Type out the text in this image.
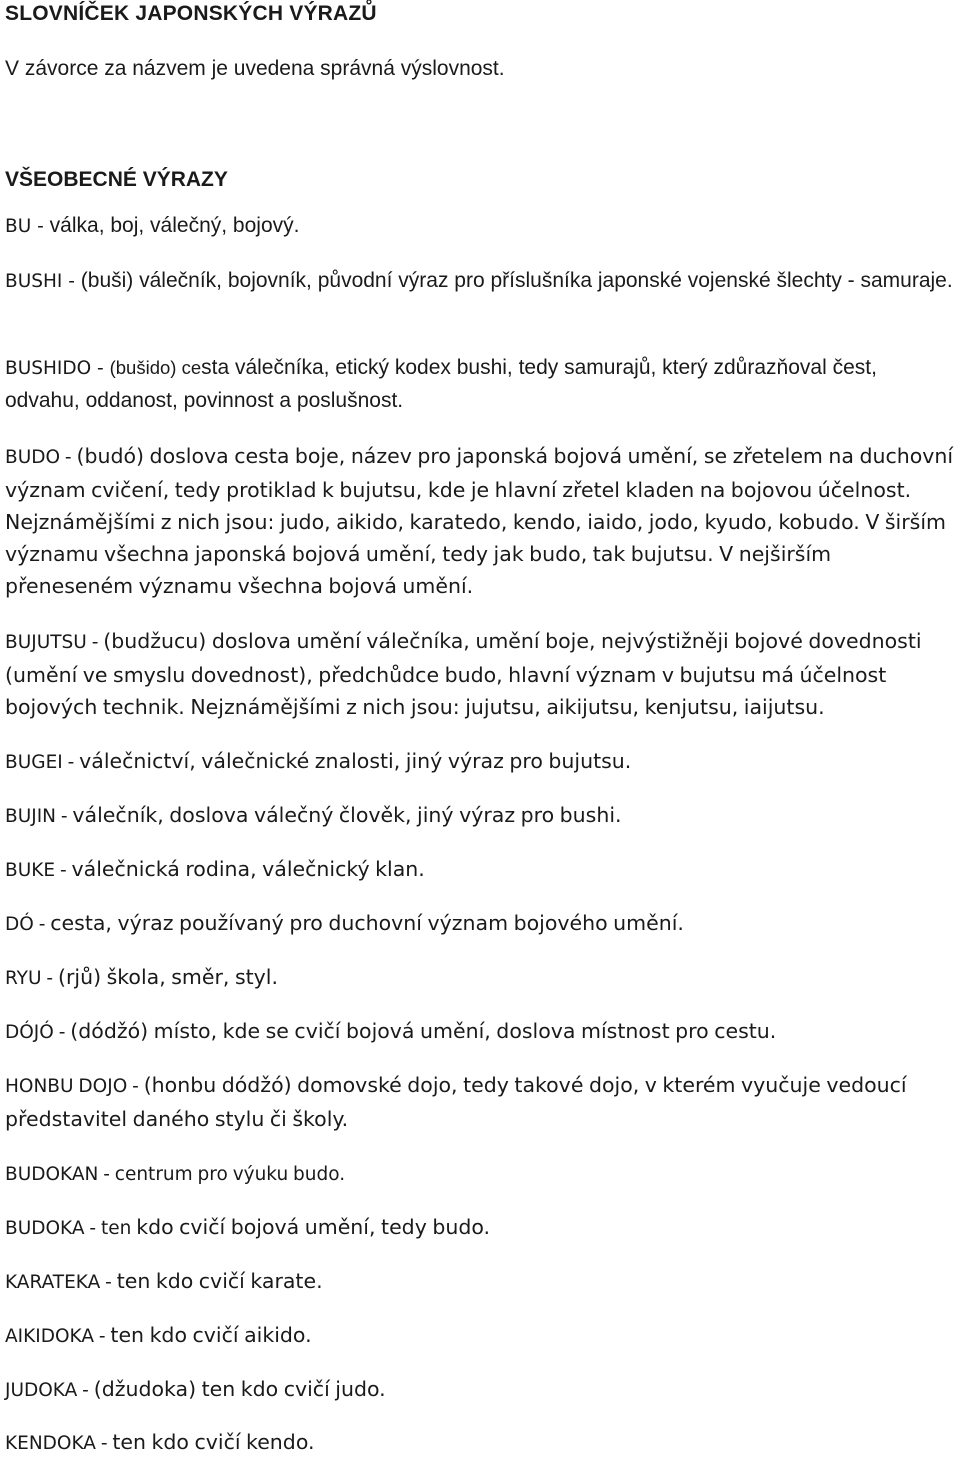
SLOVNÍČEK JAPONSKÝCH VÝRAZŮ
V závorce za názvem je uvedena správná výslovnost.
VŠEOBECNÉ VÝRAZY
BU - válka, boj, válečný, bojový.
BUSHI - (buši) válečník, bojovník, původní výraz pro příslušníka japonské vojenské šlechty - samuraje.
BUSHIDO - (bušido) cesta válečníka, etický kodex bushi, tedy samurajů, který zdůrazňoval čest, odvahu, oddanost, povinnost a poslušnost.
BUDO - (budó) doslova cesta boje, název pro japonská bojová umění, se zřetelem na duchovní význam cvičení, tedy protiklad k bujutsu, kde je hlavní zřetel kladen na bojovou účelnost. Nejznámějšími z nich jsou: judo, aikido, karatedo, kendo, iaido, jodo, kyudo, kobudo. V širším významu všechna japonská bojová umění, tedy jak budo, tak bujutsu. V nejširším přeneseném významu všechna bojová umění.
BUJUTSU - (budžucu) doslova umění válečníka, umění boje, nejvýstižněji bojové dovednosti (umění ve smyslu dovednost), předchůdce budo, hlavní význam v bujutsu má účelnost bojových technik. Nejznámějšími z nich jsou: jujutsu, aikijutsu, kenjutsu, iaijutsu.
BUGEI - válečnictví, válečnické znalosti, jiný výraz pro bujutsu.
BUJIN - válečník, doslova válečný člověk, jiný výraz pro bushi.
BUKE - válečnická rodina, válečnický klan.
DÓ - cesta, výraz používaný pro duchovní význam bojového umění.
RYU - (rjů) škola, směr, styl.
DÓJÓ - (dódžó) místo, kde se cvičí bojová umění, doslova místnost pro cestu.
HONBU DOJO - (honbu dódžó) domovské dojo, tedy takové dojo, v kterém vyučuje vedoucí představitel daného stylu či školy.
BUDOKAN - centrum pro výuku budo.
BUDOKA - ten kdo cvičí bojová umění, tedy budo.
KARATEKA - ten kdo cvičí karate.
AIKIDOKA - ten kdo cvičí aikido.
JUDOKA - (džudoka) ten kdo cvičí judo.
KENDOKA - ten kdo cvičí kendo.
